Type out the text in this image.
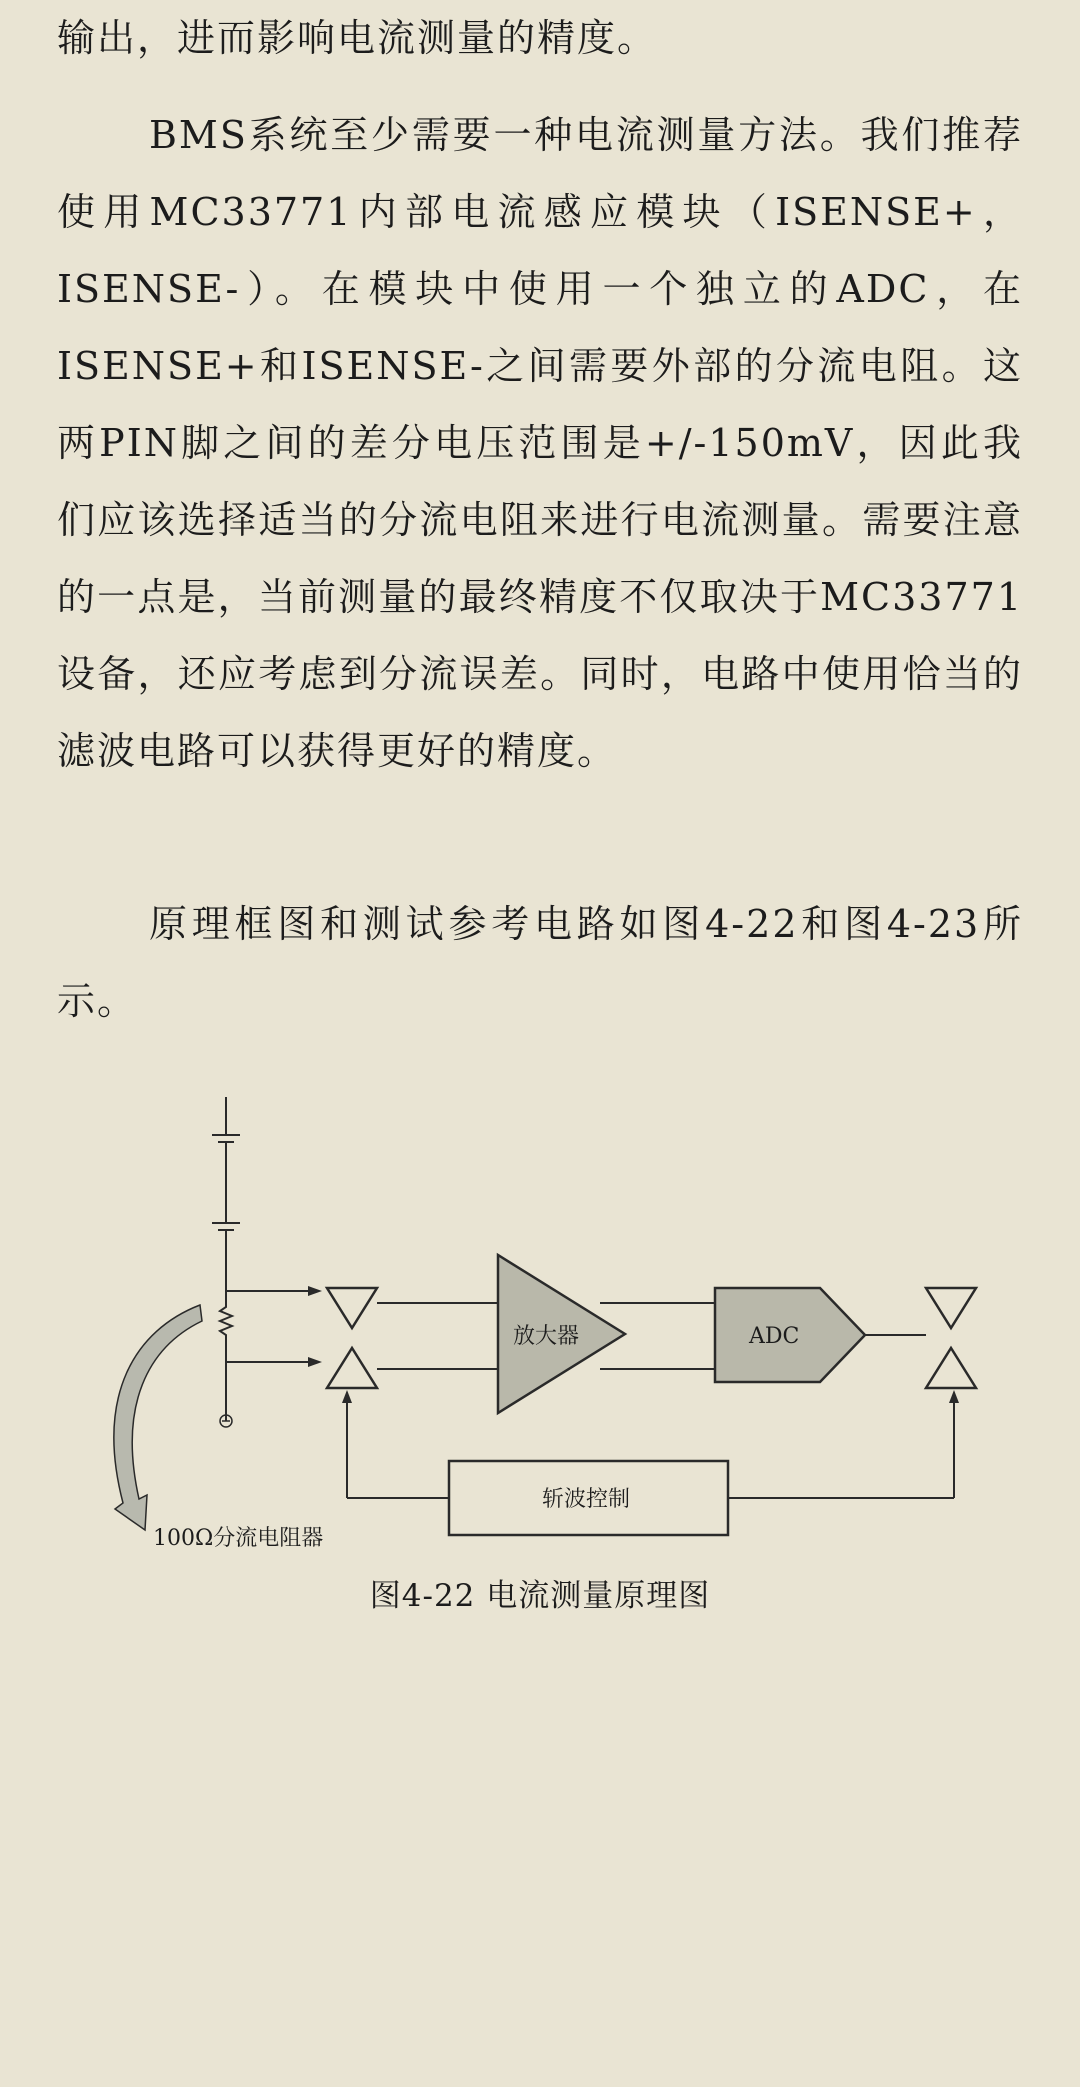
输出，进而影响电流测量的精度。

BMS系统至少需要一种电流测量方法。我们推荐使用MC33771内部电流感应模块（ISENSE+，ISENSE-）。在模块中使用一个独立的ADC，在ISENSE+和ISENSE-之间需要外部的分流电阻。这两PIN脚之间的差分电压范围是+/-150mV，因此我们应该选择适当的分流电阻来进行电流测量。需要注意的一点是，当前测量的最终精度不仅取决于MC33771设备，还应考虑到分流误差。同时，电路中使用恰当的滤波电路可以获得更好的精度。

原理框图和测试参考电路如图4-22和图4-23所示。

放大器	ADC
斩波控制
100Ω分流电阻器
图4-22 电流测量原理图
